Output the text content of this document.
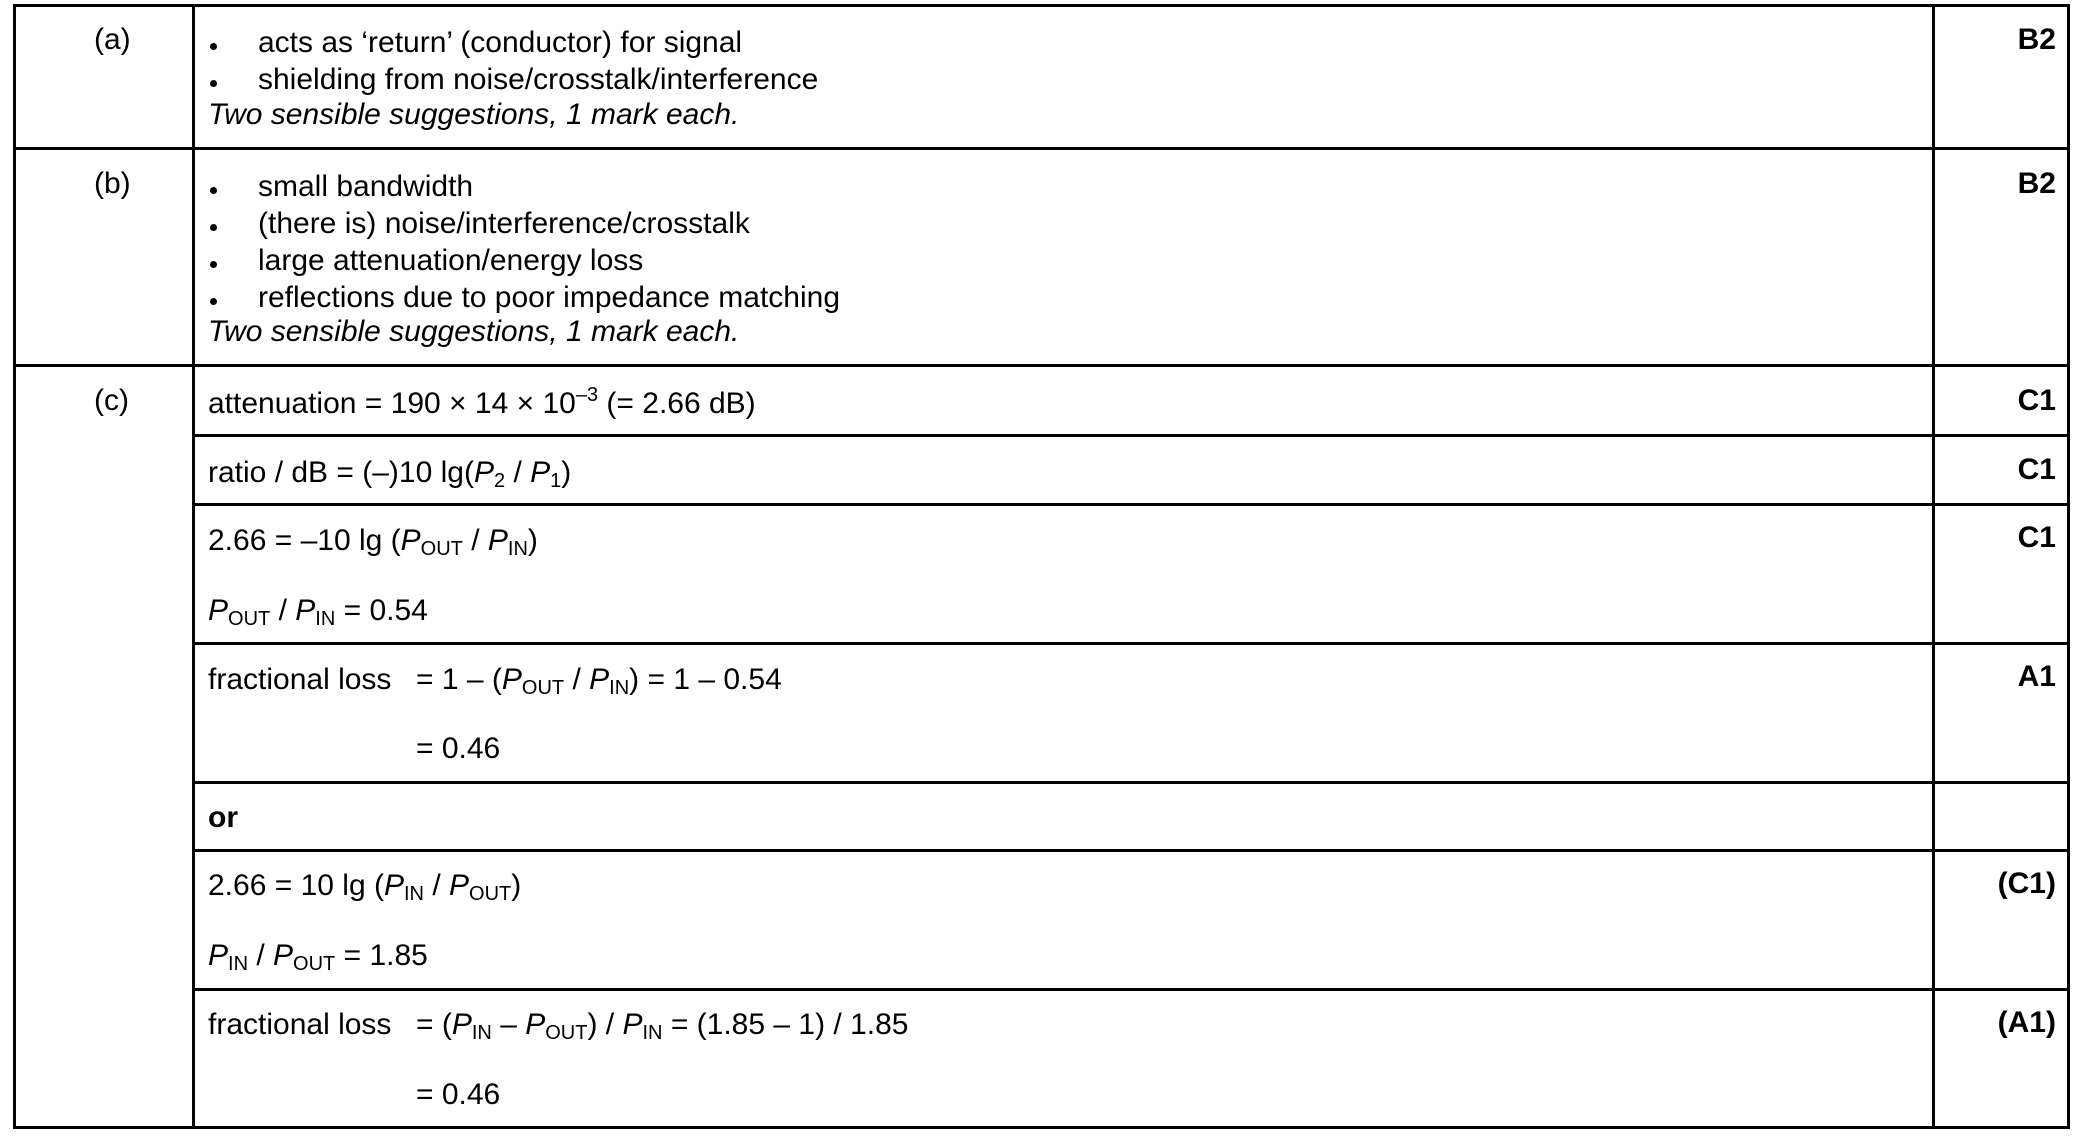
(a)	acts as ‘return’ (conductor) for signal
shielding from noise/crosstalk/interference
Two sensible suggestions, 1 mark each.
B2
(b)	small bandwidth
(there is) noise/interference/crosstalk
large attenuation/energy loss
reflections due to poor impedance matching
Two sensible suggestions, 1 mark each.
B2
(c)	attenuation = $190 \times 14 \times 10^{-3}$ (= 2.66 dB)	C1
ratio / dB = (–)10 $\lg(P_2 / P_1)$	C1
2.66 = –10 $\lg (P_{OUT} / P_{IN})$
$P_{OUT} / P_{IN} = 0.54$
C1
fractional loss = $1 - (P_{OUT} / P_{IN}) = 1 - 0.54$
= 0.46
A1
or
2.66 = 10 $\lg (P_{IN} / P_{OUT})$
$P_{IN} / P_{OUT} = 1.85$
(C1)
fractional loss = $(P_{IN} - P_{OUT}) / P_{IN} = (1.85 - 1) / 1.85$
= 0.46
(A1)
